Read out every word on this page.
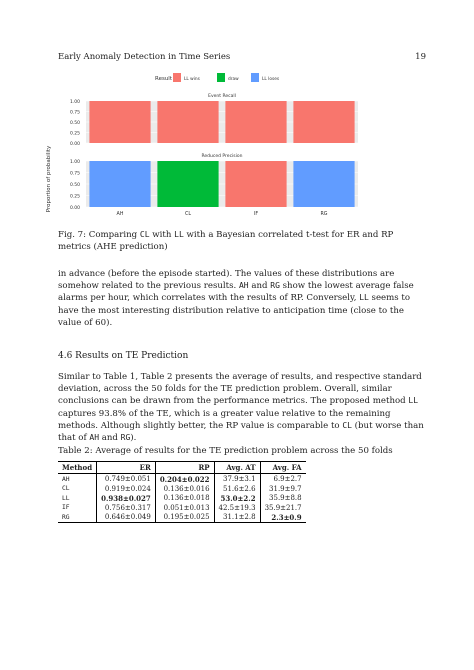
Early Anomaly Detection in Time Series	19
Result	LL wins	draw	LL loses
Proportion of probability
Event Recall
0.00
0.25
0.50
0.75
1.00
Reduced Precision
0.00
0.25
0.50
0.75
1.00
AH	CL	IF	RG
Fig. 7: Comparing CL with LL with a Bayesian correlated t-test for ER and RP metrics (AHE prediction)

in advance (before the episode started). The values of these distributions are somehow related to the previous results. AH and RG show the lowest average false alarms per hour, which correlates with the results of RP. Conversely, LL seems to have the most interesting distribution relative to anticipation time (close to the value of 60).

4.6 Results on TE Prediction

Similar to Table 1, Table 2 presents the average of results, and respective standard deviation, across the 50 folds for the TE prediction problem. Overall, similar conclusions can be drawn from the performance metrics. The proposed method LL captures 93.8% of the TE, which is a greater value relative to the remaining methods. Although slightly better, the RP value is comparable to CL (but worse than that of AH and RG).

Table 2: Average of results for the TE prediction problem across the 50 folds
Method	ER	RP	Avg. AT	Avg. FA
AH	0.749±0.051	0.204±0.022	37.9±3.1	6.9±2.7
CL	0.919±0.024	0.136±0.016	51.6±2.6	31.9±9.7
LL	0.938±0.027	0.136±0.018	53.0±2.2	35.9±8.8
IF	0.756±0.317	0.051±0.013	42.5±19.3	35.9±21.7
RG	0.646±0.049	0.195±0.025	31.1±2.8	2.3±0.9
